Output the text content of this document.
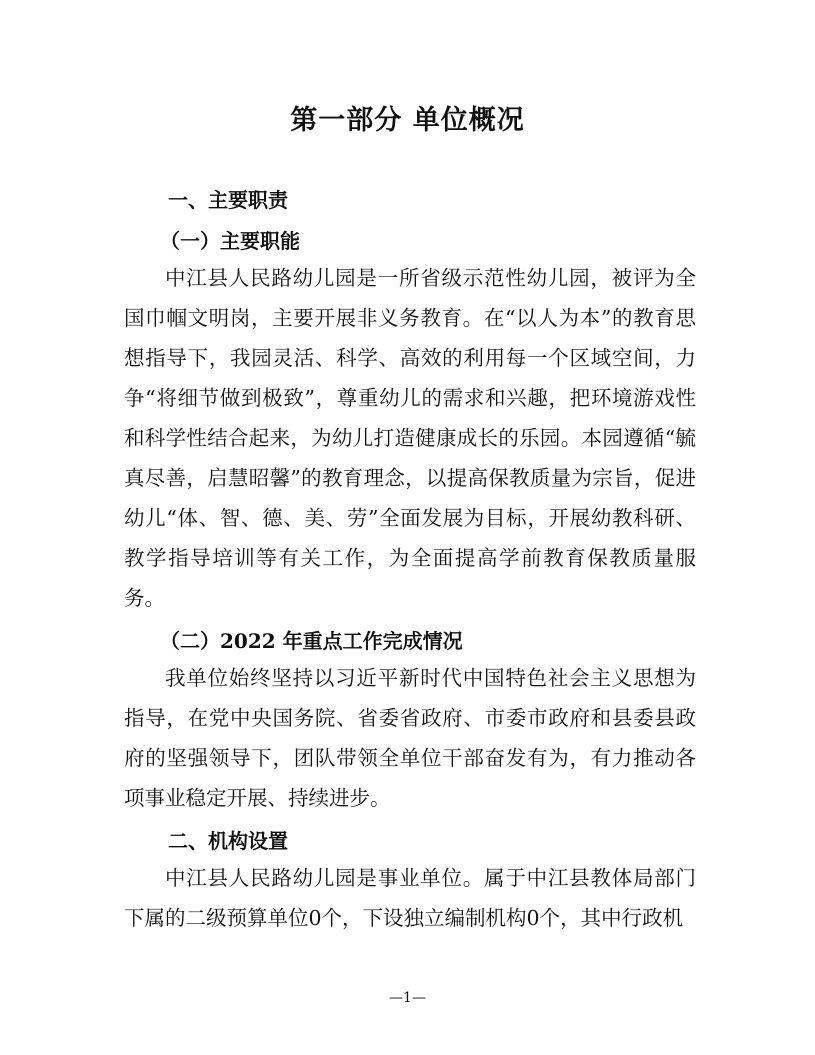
第一部分 单位概况
一、主要职责
（一）主要职能

中江县人民路幼儿园是一所省级示范性幼儿园，被评为全国巾帼文明岗，主要开展非义务教育。在“以人为本”的教育思想指导下，我园灵活、科学、高效的利用每一个区域空间，力争“将细节做到极致”，尊重幼儿的需求和兴趣，把环境游戏性和科学性结合起来，为幼儿打造健康成长的乐园。本园遵循“毓真尽善，启慧昭馨”的教育理念，以提高保教质量为宗旨，促进幼儿“体、智、德、美、劳”全面发展为目标，开展幼教科研、教学指导培训等有关工作，为全面提高学前教育保教质量服务。

（二）2022 年重点工作完成情况

我单位始终坚持以习近平新时代中国特色社会主义思想为指导，在党中央国务院、省委省政府、市委市政府和县委县政府的坚强领导下，团队带领全单位干部奋发有为，有力推动各项事业稳定开展、持续进步。

二、机构设置

中江县人民路幼儿园是事业单位。属于中江县教体局部门下属的二级预算单位0个，下设独立编制机构0个，其中行政机

—1—
